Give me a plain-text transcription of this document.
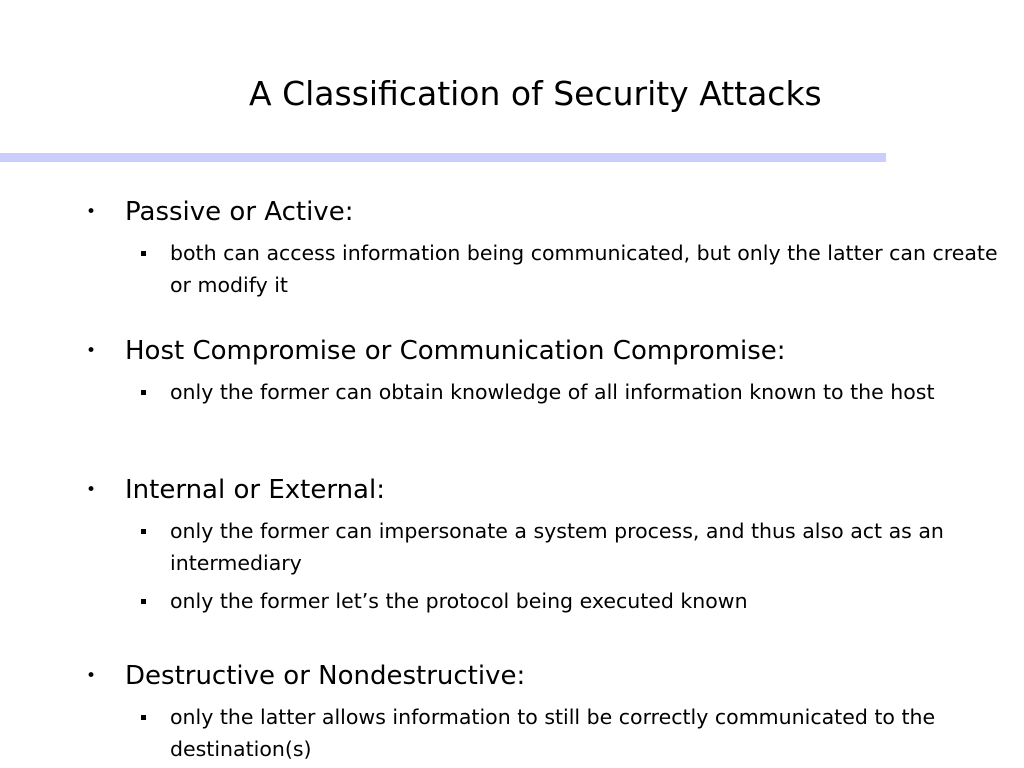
A Classification of Security Attacks
• Passive or Active:
both can access information being communicated, but only the latter can create or modify it
• Host Compromise or Communication Compromise:
only the former can obtain knowledge of all information known to the host
• Internal or External:
only the former can impersonate a system process, and thus also act as an intermediary
only the former let’s the protocol being executed known
• Destructive or Nondestructive:
only the latter allows information to still be correctly communicated to the destination(s)
